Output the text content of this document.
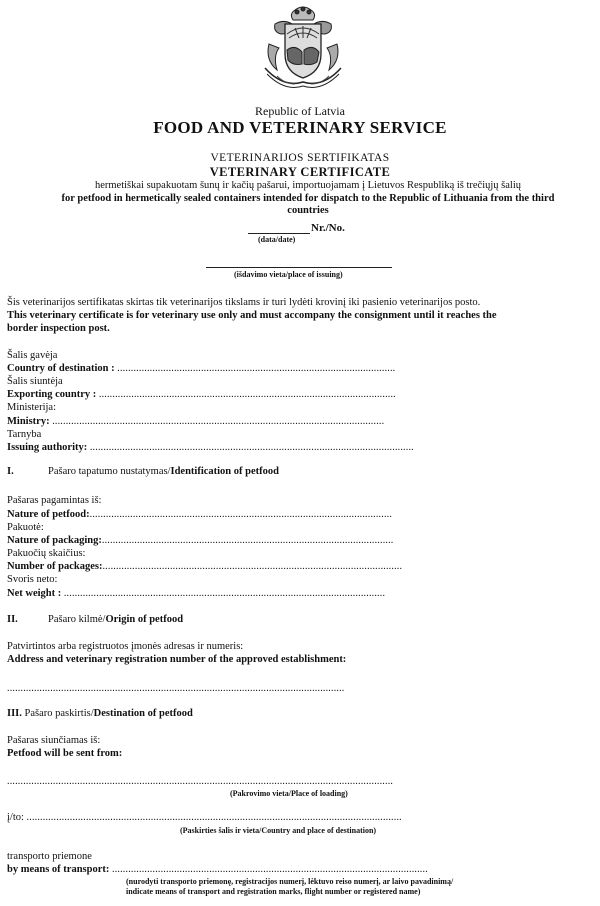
Republic of Latvia
FOOD AND VETERINARY SERVICE
VETERINARIJOS SERTIFIKATAS
VETERINARY CERTIFICATE
hermetiškai supakuotam šunų ir kačių pašarui, importuojamam į Lietuvos Respubliką iš trečiųjų šalių
for petfood in hermetically sealed containers intended for dispatch to the Republic of Lithuania from the third
countries
Nr./No.
(data/date)
(išdavimo vieta/place of issuing)
Šis veterinarijos sertifikatas skirtas tik veterinarijos tikslams ir turi lydėti krovinį iki pasienio veterinarijos posto.
This veterinary certificate is for veterinary use only and must accompany the consignment until it reaches the
border inspection post.
Šalis gavėja
Country of destination : .......................................................................................................
Šalis siuntėja
Exporting country : ..............................................................................................................
Ministerija:
Ministry: ...........................................................................................................................
Tarnyba
Issuing authority: ........................................................................................................................
I.	Pašaro tapatumo nustatymas/Identification of petfood
Pašaras pagamintas iš:
Nature of petfood:................................................................................................................
Pakuotė:
Nature of packaging:............................................................................................................
Pakuočių skaičius:
Number of packages:...............................................................................................................
Svoris neto:
Net weight : .......................................................................................................................
II.	Pašaro kilmė/Origin of petfood
Patvirtintos arba registruotos įmonės adresas ir numeris:
Address and veterinary registration number of the approved establishment:
.............................................................................................................................
III. Pašaro paskirtis/Destination of petfood
Pašaras siunčiamas iš:
Petfood will be sent from:
...............................................................................................................................................
(Pakrovimo vieta/Place of loading)
į/to: ...........................................................................................................................................
(Paskirties šalis ir vieta/Country and place of destination)
transporto priemone
by means of transport: .....................................................................................................................
(nurodyti transporto priemonę, registracijos numerį, lėktuvo reiso numerį, ar laivo pavadinimą/
indicate means of transport and registration marks, flight number or registered name)
